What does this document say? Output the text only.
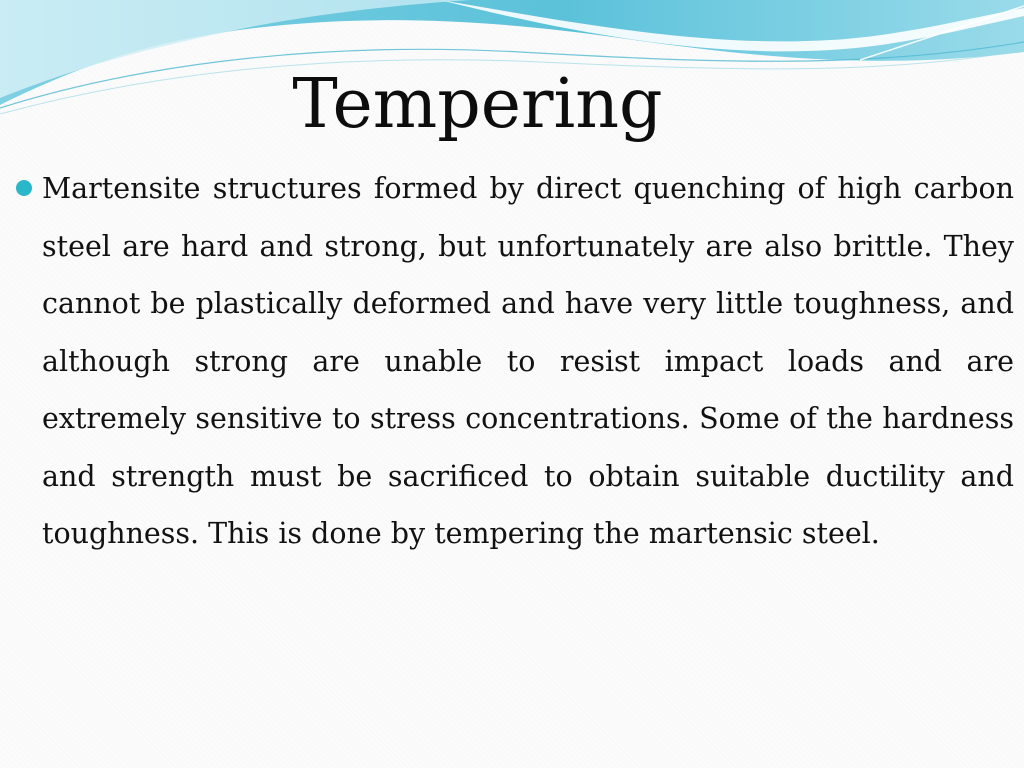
Tempering

Martensite structures formed by direct quenching of high carbon steel are hard and strong, but unfortunately are also brittle. They cannot be plastically deformed and have very little toughness, and although strong are unable to resist impact loads and are extremely sensitive to stress concentrations. Some of the hardness and strength must be sacrificed to obtain suitable ductility and toughness. This is done by tempering the martensic steel.
